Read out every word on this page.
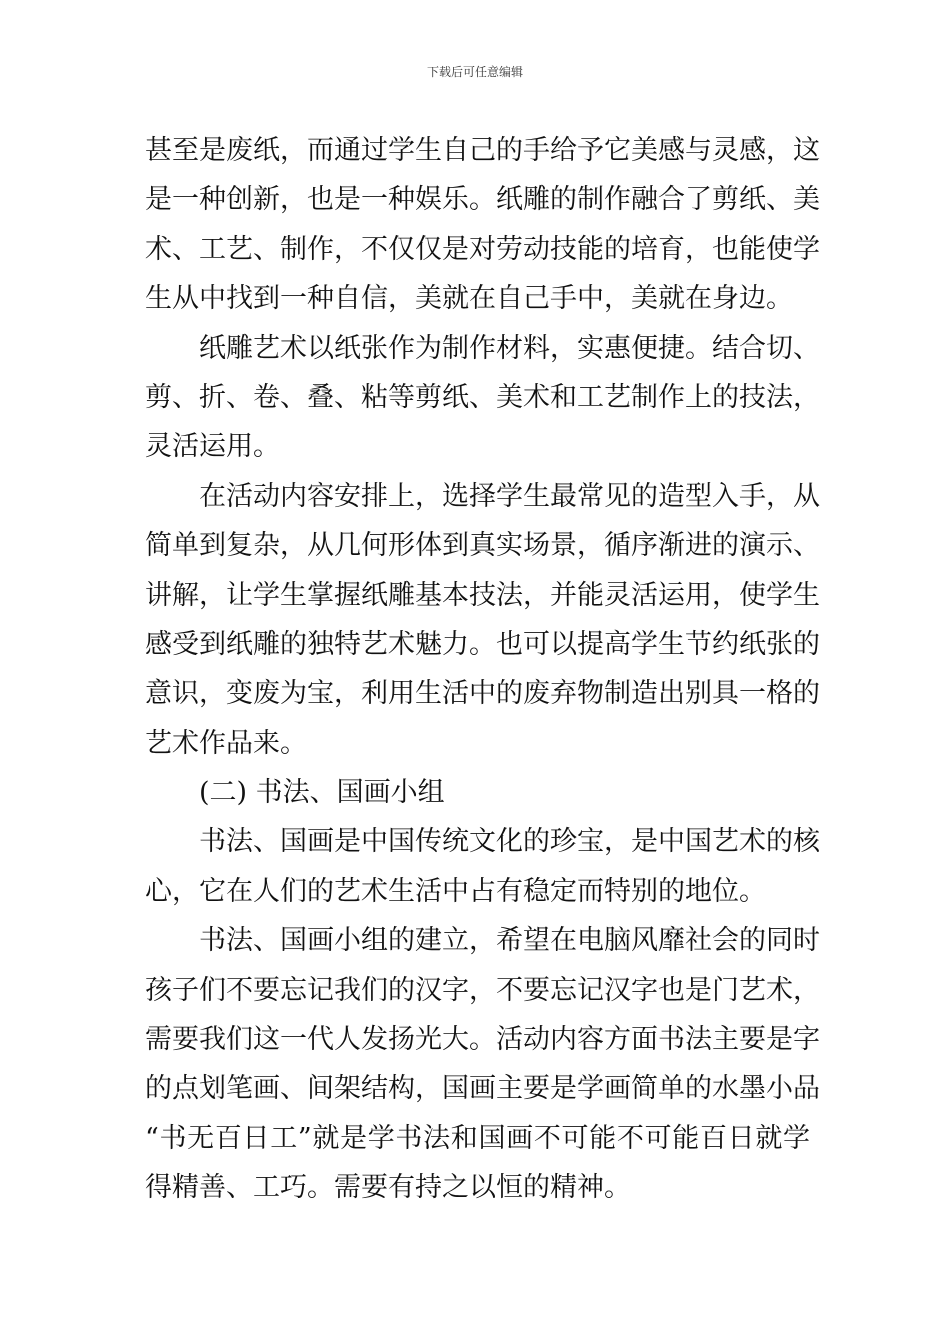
下载后可任意编辑
甚至是废纸，而通过学生自己的手给予它美感与灵感，这
是一种创新，也是一种娱乐。纸雕的制作融合了剪纸、美
术、工艺、制作，不仅仅是对劳动技能的培育，也能使学
生从中找到一种自信，美就在自己手中，美就在身边。
纸雕艺术以纸张作为制作材料，实惠便捷。结合切、
剪、折、卷、叠、粘等剪纸、美术和工艺制作上的技法，
灵活运用。
在活动内容安排上，选择学生最常见的造型入手，从
简单到复杂，从几何形体到真实场景，循序渐进的演示、
讲解，让学生掌握纸雕基本技法，并能灵活运用，使学生
感受到纸雕的独特艺术魅力。也可以提高学生节约纸张的
意识，变废为宝，利用生活中的废弃物制造出别具一格的
艺术作品来。
(二) 书法、国画小组
书法、国画是中国传统文化的珍宝，是中国艺术的核
心，它在人们的艺术生活中占有稳定而特别的地位。
书法、国画小组的建立，希望在电脑风靡社会的同时
孩子们不要忘记我们的汉字，不要忘记汉字也是门艺术，
需要我们这一代人发扬光大。活动内容方面书法主要是字
的点划笔画、间架结构，国画主要是学画简单的水墨小品
“书无百日工”就是学书法和国画不可能不可能百日就学
得精善、工巧。需要有持之以恒的精神。
